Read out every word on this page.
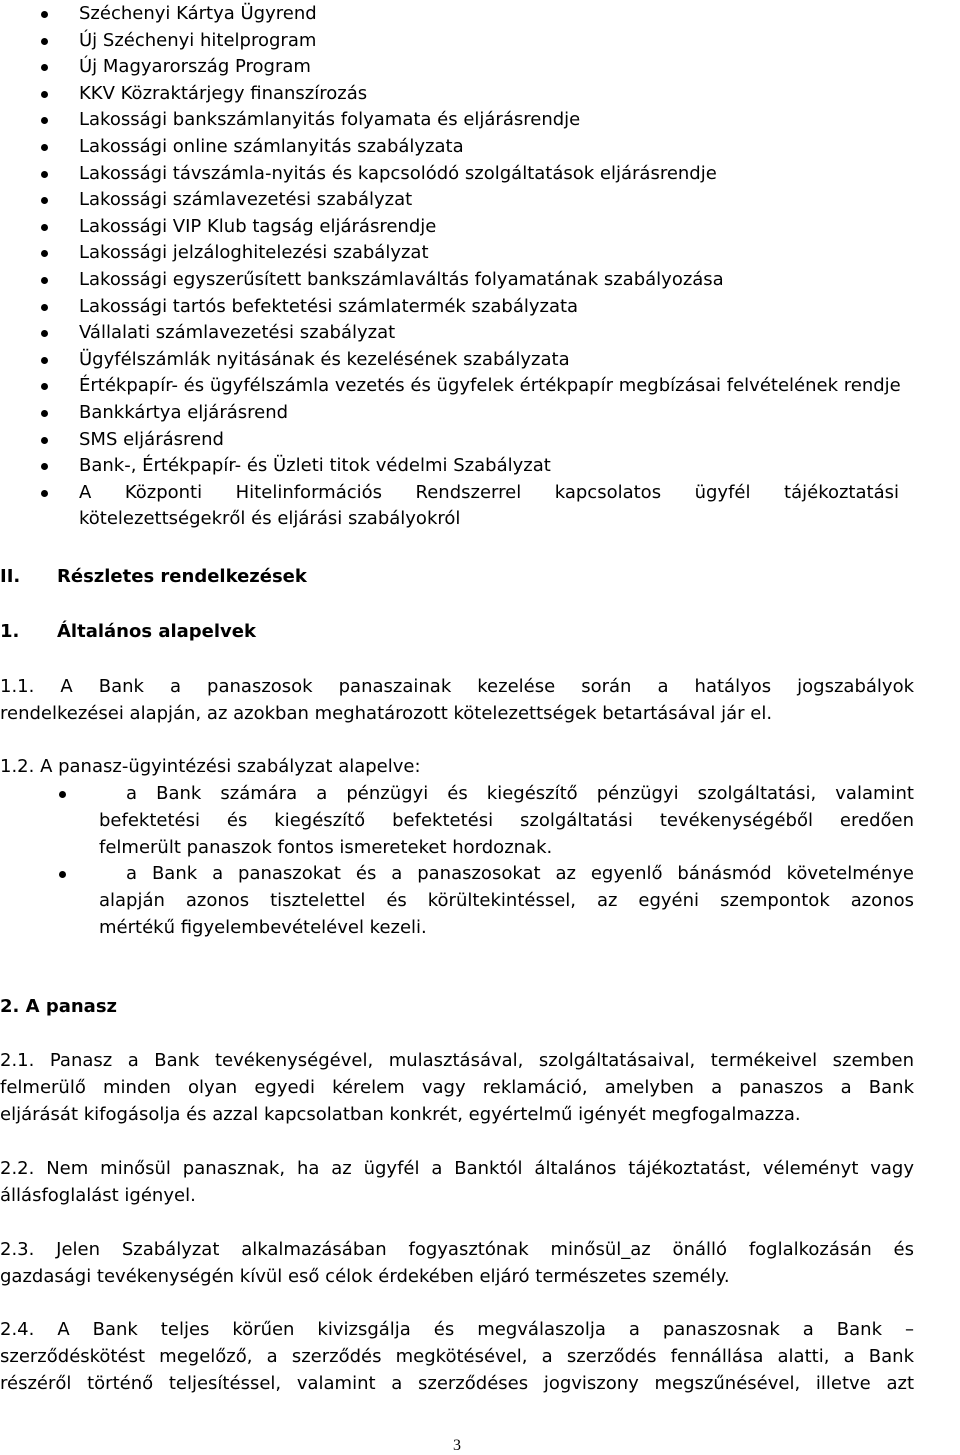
Széchenyi Kártya Ügyrend
Új Széchenyi hitelprogram
Új Magyarország Program
KKV Közraktárjegy finanszírozás
Lakossági bankszámlanyitás folyamata és eljárásrendje
Lakossági online számlanyitás szabályzata
Lakossági távszámla-nyitás és kapcsolódó szolgáltatások eljárásrendje
Lakossági számlavezetési szabályzat
Lakossági VIP Klub tagság eljárásrendje
Lakossági jelzáloghitelezési szabályzat
Lakossági egyszerűsített bankszámlaváltás folyamatának szabályozása
Lakossági tartós befektetési számlatermék szabályzata
Vállalati számlavezetési szabályzat
Ügyfélszámlák nyitásának és kezelésének szabályzata
Értékpapír- és ügyfélszámla vezetés és ügyfelek értékpapír megbízásai felvételének rendje
Bankkártya eljárásrend
SMS eljárásrend
Bank-, Értékpapír- és Üzleti titok védelmi Szabályzat
A Központi Hitelinformációs Rendszerrel kapcsolatos ügyfél tájékoztatási
kötelezettségekről és eljárási szabályokról
II. Részletes rendelkezések
1. Általános alapelvek
1.1. A Bank a panaszosok panaszainak kezelése során a hatályos jogszabályok
rendelkezései alapján, az azokban meghatározott kötelezettségek betartásával jár el.
1.2. A panasz-ügyintézési szabályzat alapelve:
a Bank számára a pénzügyi és kiegészítő pénzügyi szolgáltatási, valamint
befektetési és kiegészítő befektetési szolgáltatási tevékenységéből eredően
felmerült panaszok fontos ismereteket hordoznak.
a Bank a panaszokat és a panaszosokat az egyenlő bánásmód követelménye
alapján azonos tisztelettel és körültekintéssel, az egyéni szempontok azonos
mértékű figyelembevételével kezeli.
2. A panasz
2.1. Panasz a Bank tevékenységével, mulasztásával, szolgáltatásaival, termékeivel szemben
felmerülő minden olyan egyedi kérelem vagy reklamáció, amelyben a panaszos a Bank
eljárását kifogásolja és azzal kapcsolatban konkrét, egyértelmű igényét megfogalmazza.
2.2. Nem minősül panasznak, ha az ügyfél a Banktól általános tájékoztatást, véleményt vagy
állásfoglalást igényel.
2.3. Jelen Szabályzat alkalmazásában fogyasztónak minősül_az önálló foglalkozásán és
gazdasági tevékenységén kívül eső célok érdekében eljáró természetes személy.
2.4. A Bank teljes körűen kivizsgálja és megválaszolja a panaszosnak a Bank –
szerződéskötést megelőző, a szerződés megkötésével, a szerződés fennállása alatti, a Bank
részéről történő teljesítéssel, valamint a szerződéses jogviszony megszűnésével, illetve azt
3
